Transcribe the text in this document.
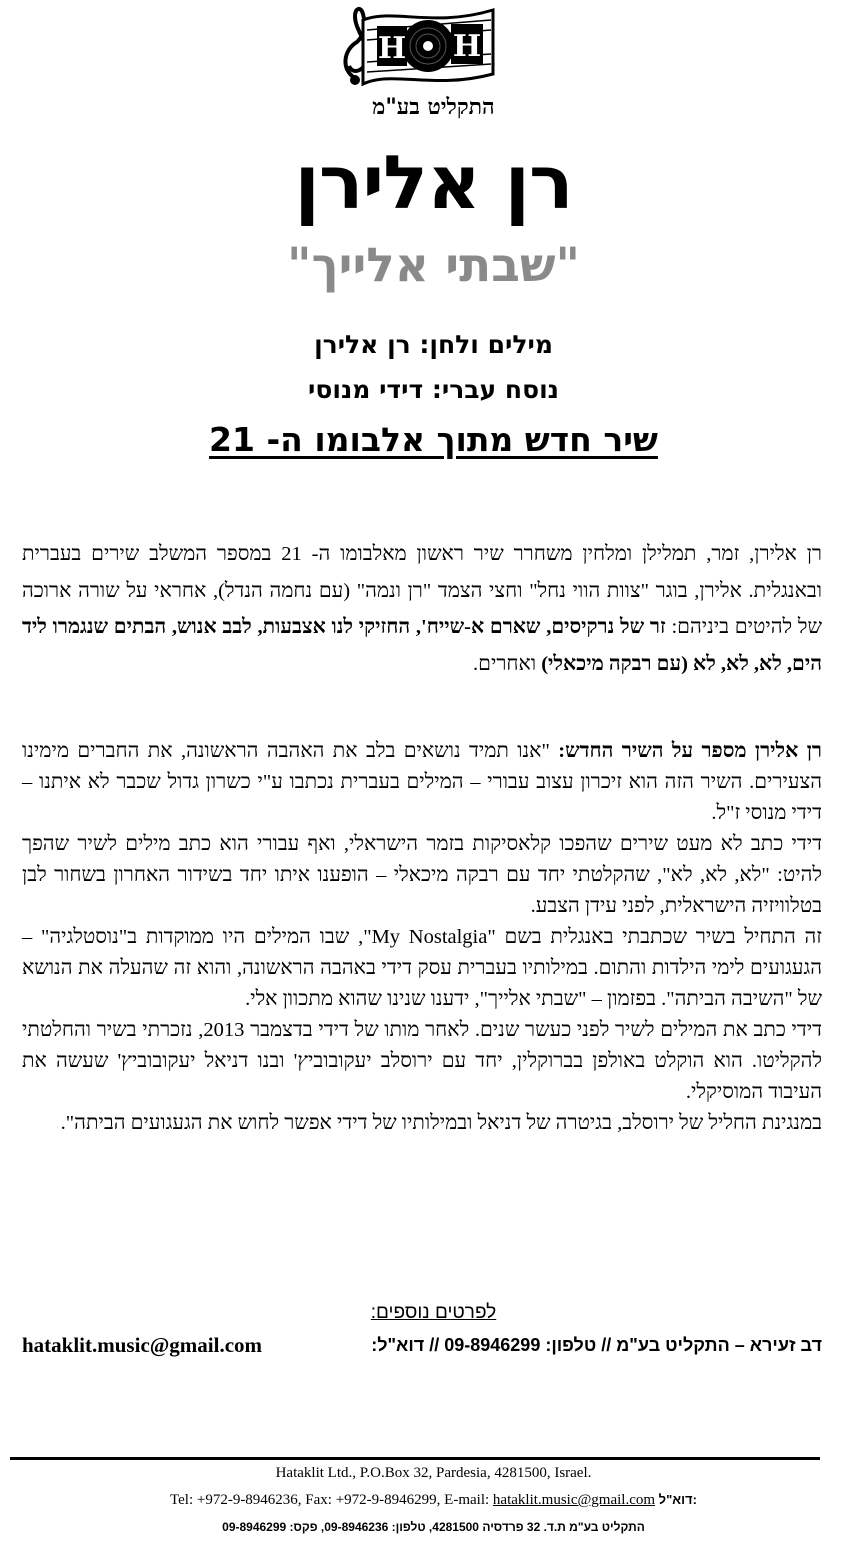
H H
התקליט בע"מ
רן אלירן
"שבתי אלייך"
מילים ולחן: רן אלירן
נוסח עברי: דידי מנוסי
שיר חדש מתוך אלבומו ה- 21
רן אלירן, זמר, תמלילן ומלחין משחרר שיר ראשון מאלבומו ה- 21 במספר המשלב שירים בעברית ובאנגלית. אלירן, בוגר "צוות הווי נחל" וחצי הצמד "רן ונמה" (עם נחמה הנדל), אחראי על שורה ארוכה של להיטים ביניהם: זר של נרקיסים, שארם א-שייח', החזיקי לנו אצבעות, לבב אנוש, הבתים שנגמרו ליד הים, לא, לא, לא (עם רבקה מיכאלי) ואחרים.
רן אלירן מספר על השיר החדש: "אנו תמיד נושאים בלב את האהבה הראשונה, את החברים מימינו הצעירים. השיר הזה הוא זיכרון עצוב עבורי – המילים בעברית נכתבו ע"י כשרון גדול שכבר לא איתנו – דידי מנוסי ז"ל.
דידי כתב לא מעט שירים שהפכו קלאסיקות בזמר הישראלי, ואף עבורי הוא כתב מילים לשיר שהפך להיט: "לא, לא, לא", שהקלטתי יחד עם רבקה מיכאלי – הופענו איתו יחד בשידור האחרון בשחור לבן בטלוויזיה הישראלית, לפני עידן הצבע.
זה התחיל בשיר שכתבתי באנגלית בשם "My Nostalgia", שבו המילים היו ממוקדות ב"נוסטלגיה" – הגעגועים לימי הילדות והתום. במילותיו בעברית עסק דידי באהבה הראשונה, והוא זה שהעלה את הנושא של "השיבה הביתה". בפזמון – "שבתי אלייך", ידענו שנינו שהוא מתכוון אלי.
דידי כתב את המילים לשיר לפני כעשר שנים. לאחר מותו של דידי בדצמבר 2013, נזכרתי בשיר והחלטתי להקליטו. הוא הוקלט באולפן בברוקלין, יחד עם ירוסלב יעקובוביץ' ובנו דניאל יעקובוביץ' שעשה את העיבוד המוסיקלי.
במנגינת החליל של ירוסלב, בגיטרה של דניאל ובמילותיו של דידי אפשר לחוש את הגעגועים הביתה".
לפרטים נוספים:
hataklit.music@gmail.com	דב זעירא – התקליט בע"מ // טלפון: 09-8946299 // דוא"ל:
Hataklit Ltd., P.O.Box 32, Pardesia, 4281500, Israel.
Tel: +972-9-8946236, Fax: +972-9-8946299, E-mail: hataklit.music@gmail.com דוא"ל:
התקליט בע"מ ת.ד. 32 פרדסיה 4281500, טלפון: 09-8946236, פקס: 09-8946299
